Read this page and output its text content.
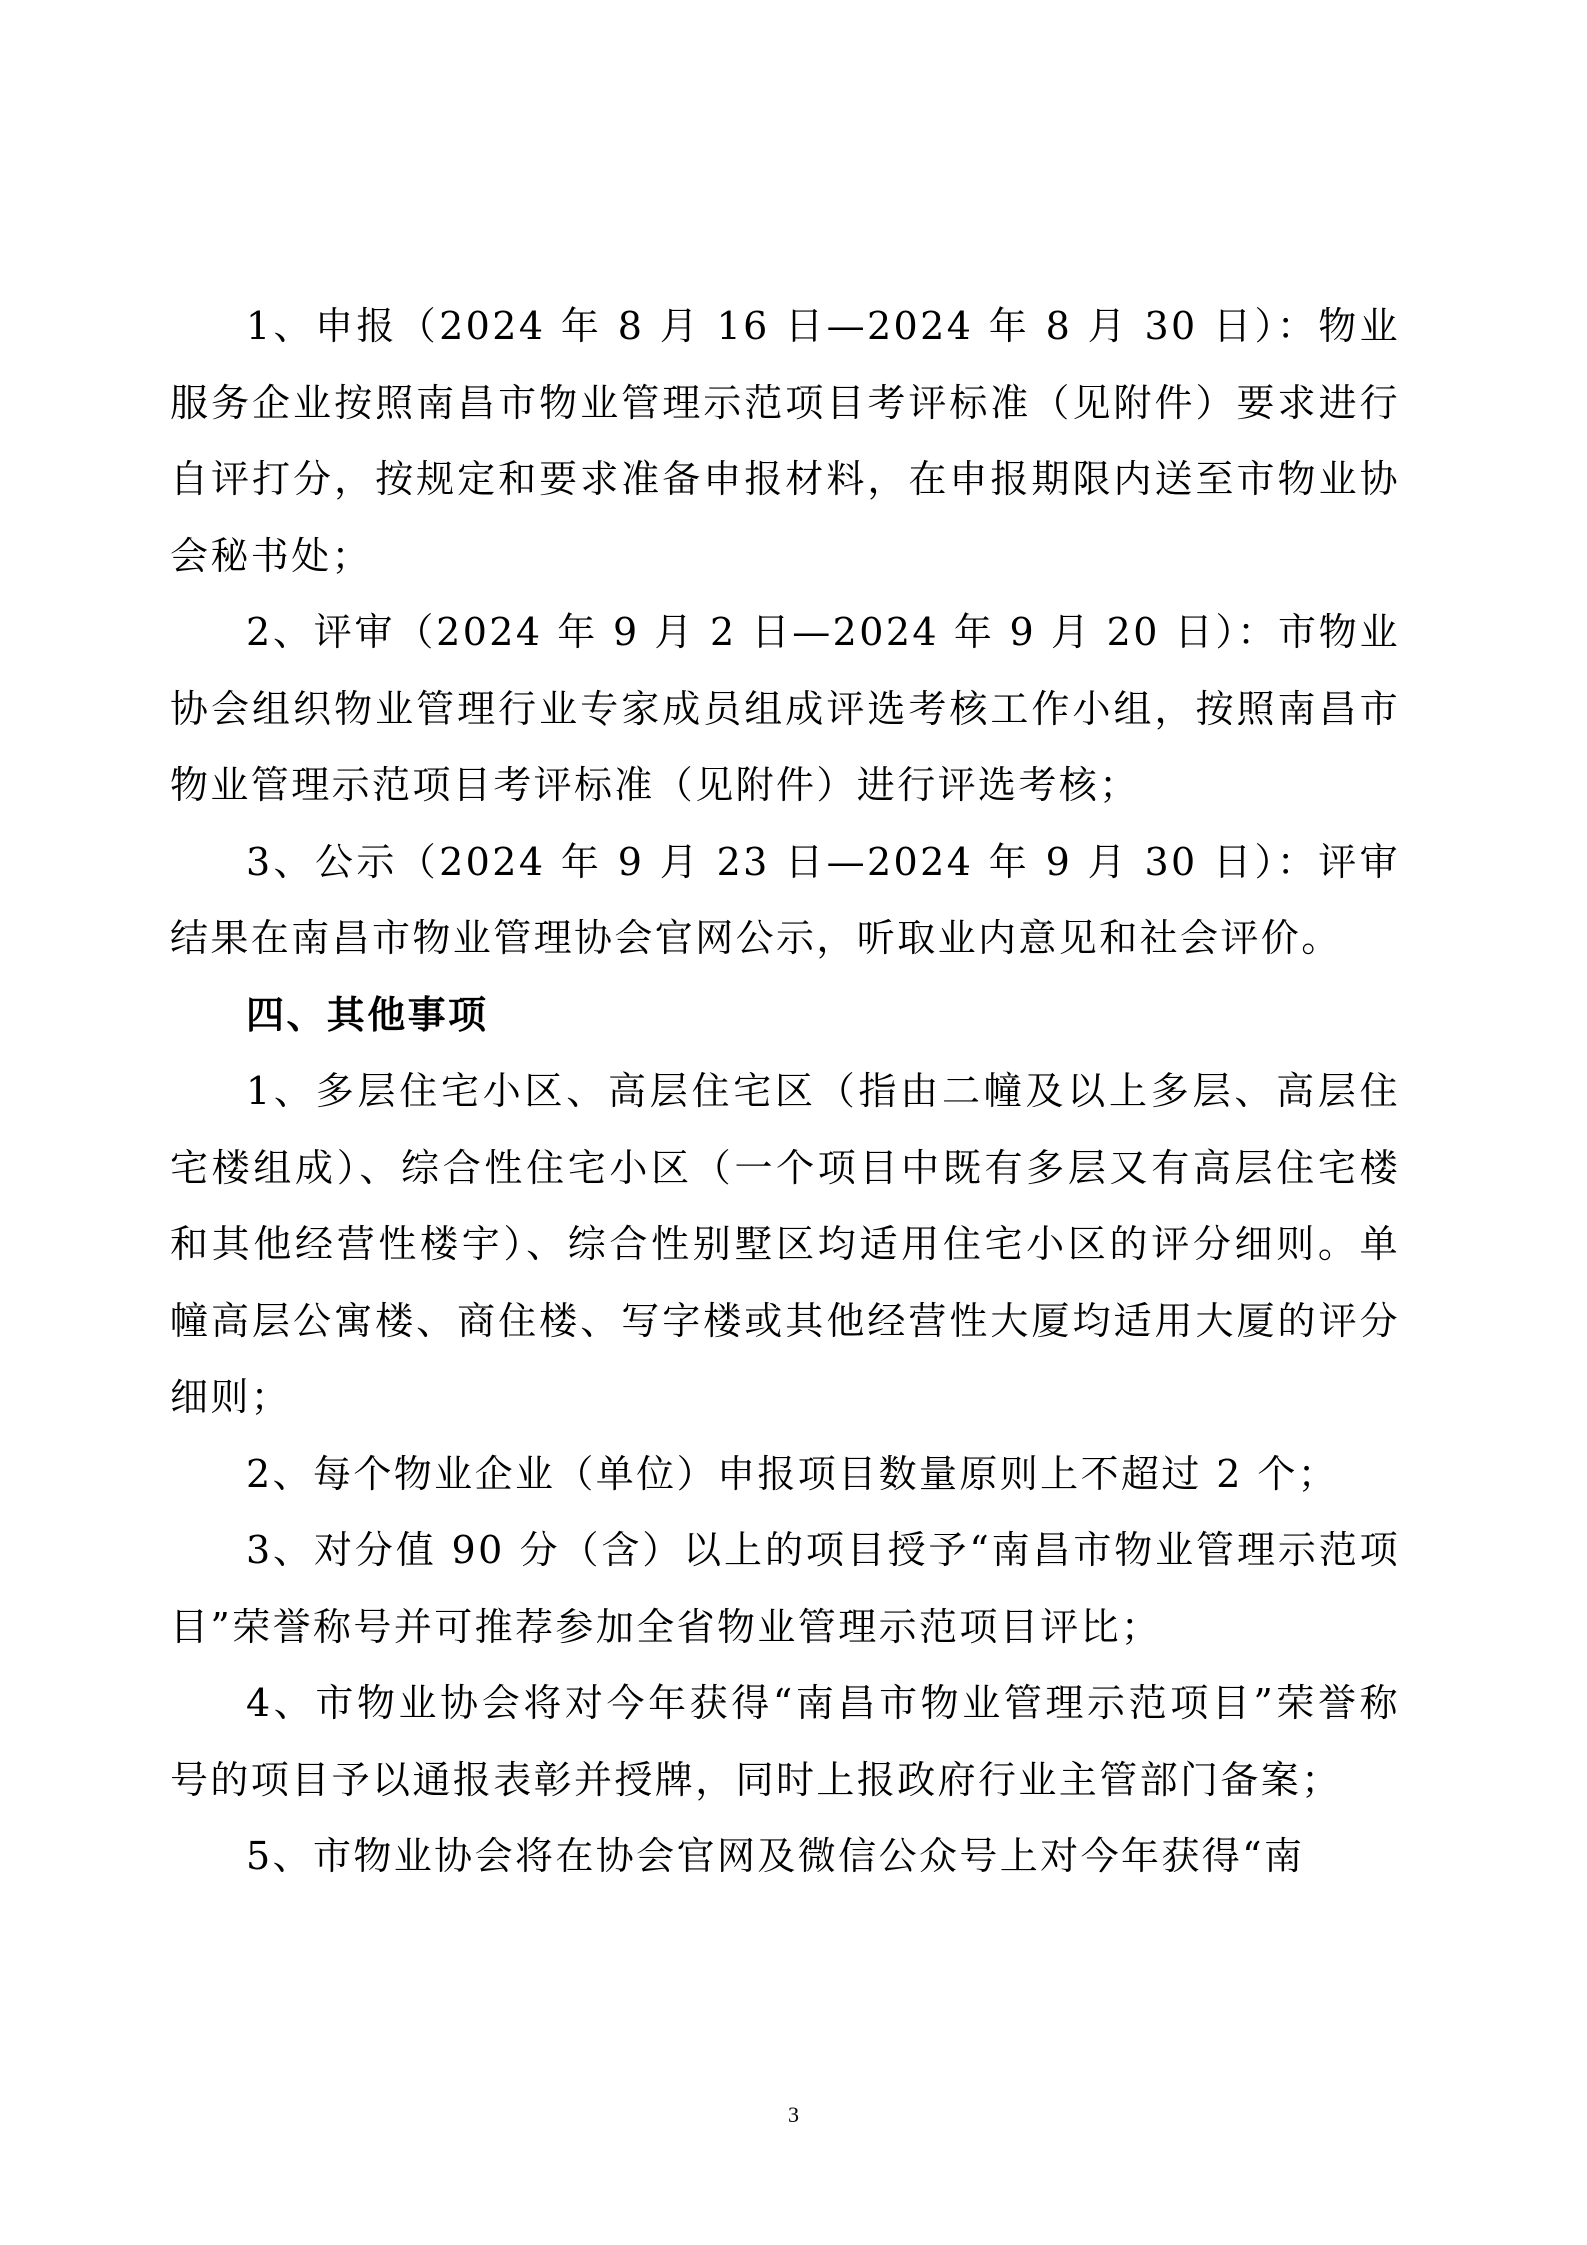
1、申报（2024 年 8 月 16 日—2024 年 8 月 30 日）：物业服务企业按照南昌市物业管理示范项目考评标准（见附件）要求进行自评打分，按规定和要求准备申报材料，在申报期限内送至市物业协会秘书处；

2、评审（2024 年 9 月 2 日—2024 年 9 月 20 日）：市物业协会组织物业管理行业专家成员组成评选考核工作小组，按照南昌市物业管理示范项目考评标准（见附件）进行评选考核；

3、公示（2024 年 9 月 23 日—2024 年 9 月 30 日）：评审结果在南昌市物业管理协会官网公示，听取业内意见和社会评价。

四、其他事项

1、多层住宅小区、高层住宅区（指由二幢及以上多层、高层住宅楼组成）、综合性住宅小区（一个项目中既有多层又有高层住宅楼和其他经营性楼宇）、综合性别墅区均适用住宅小区的评分细则。单幢高层公寓楼、商住楼、写字楼或其他经营性大厦均适用大厦的评分细则；

2、每个物业企业（单位）申报项目数量原则上不超过 2 个；

3、对分值 90 分（含）以上的项目授予“南昌市物业管理示范项目”荣誉称号并可推荐参加全省物业管理示范项目评比；

4、市物业协会将对今年获得“南昌市物业管理示范项目”荣誉称号的项目予以通报表彰并授牌，同时上报政府行业主管部门备案；

5、市物业协会将在协会官网及微信公众号上对今年获得“南

3
